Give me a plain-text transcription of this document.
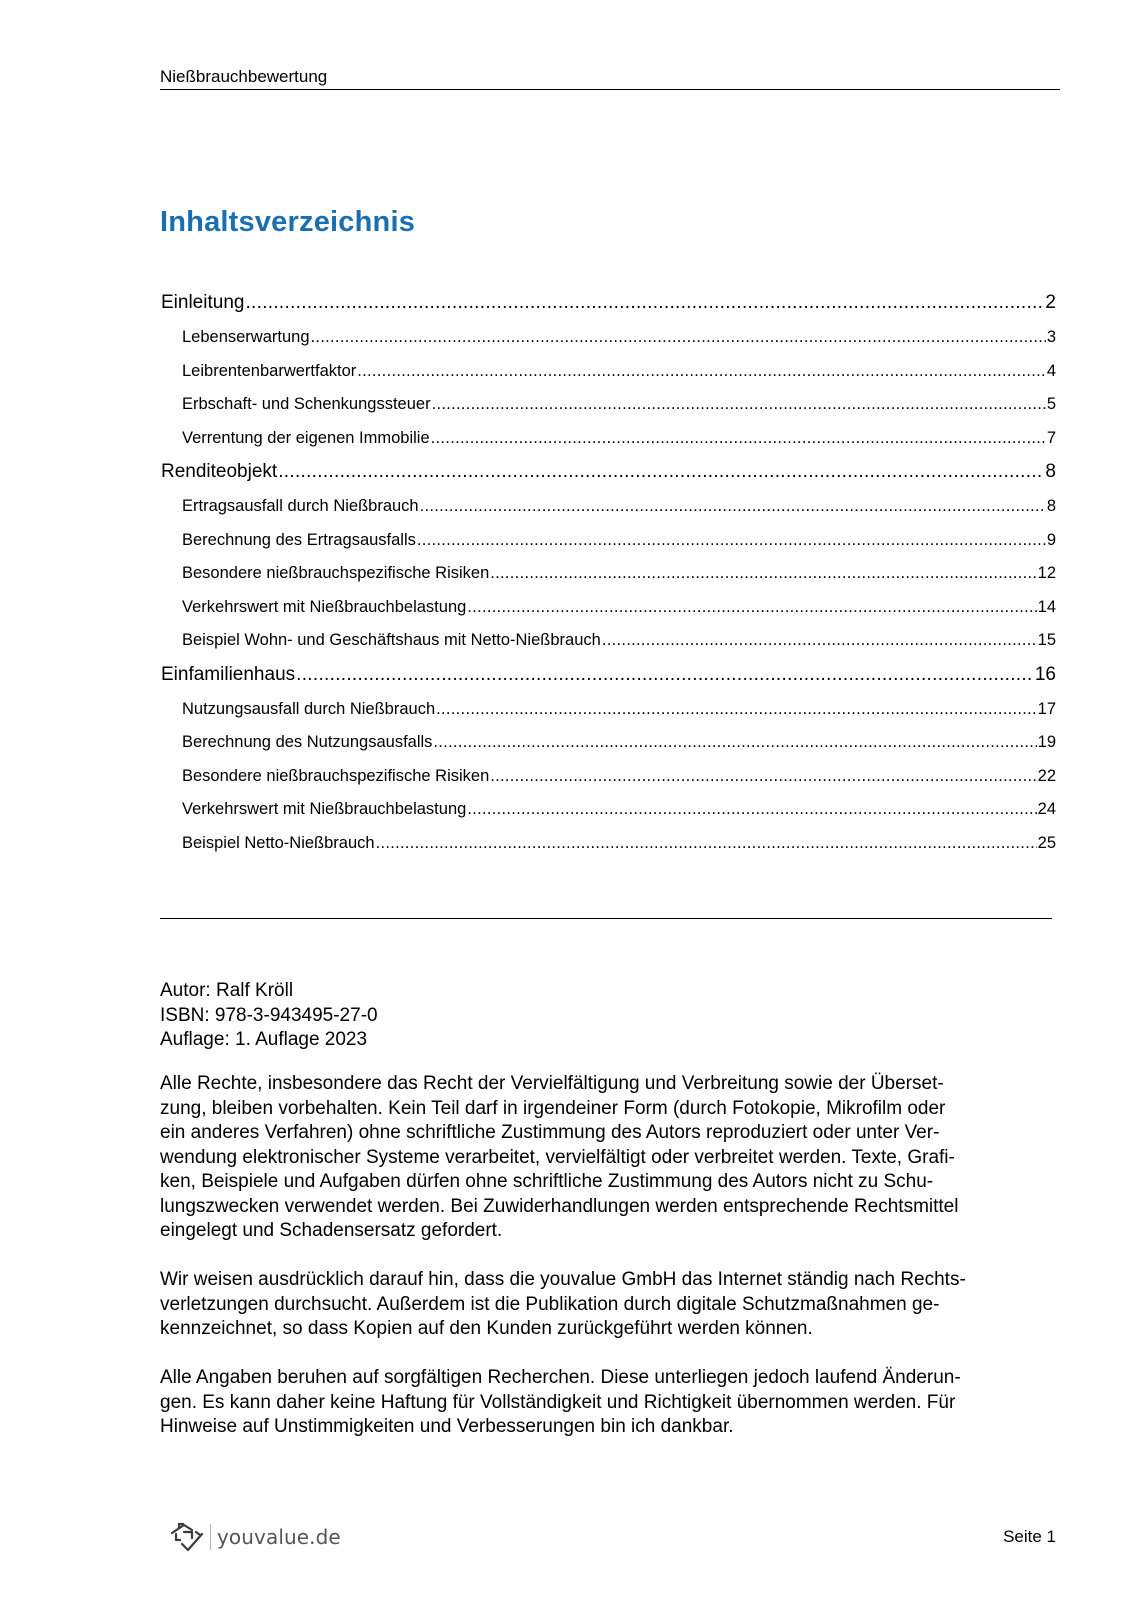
Nießbrauchbewertung
Inhaltsverzeichnis
Einleitung .....	2
Lebenserwartung .....	3
Leibrentenbarwertfaktor .....	4
Erbschaft- und Schenkungssteuer .....	5
Verrentung der eigenen Immobilie .....	7
Renditeobjekt .....	8
Ertragsausfall durch Nießbrauch .....	8
Berechnung des Ertragsausfalls .....	9
Besondere nießbrauchspezifische Risiken .....	12
Verkehrswert mit Nießbrauchbelastung .....	14
Beispiel Wohn- und Geschäftshaus mit Netto-Nießbrauch .....	15
Einfamilienhaus .....	16
Nutzungsausfall durch Nießbrauch .....	17
Berechnung des Nutzungsausfalls .....	19
Besondere nießbrauchspezifische Risiken .....	22
Verkehrswert mit Nießbrauchbelastung .....	24
Beispiel Netto-Nießbrauch .....	25

Autor: Ralf Kröll

ISBN: 978-3-943495-27-0

Auflage: 1. Auflage 2023

Alle Rechte, insbesondere das Recht der Vervielfältigung und Verbreitung sowie der Überset-
zung, bleiben vorbehalten. Kein Teil darf in irgendeiner Form (durch Fotokopie, Mikrofilm oder
ein anderes Verfahren) ohne schriftliche Zustimmung des Autors reproduziert oder unter Ver-
wendung elektronischer Systeme verarbeitet, vervielfältigt oder verbreitet werden. Texte, Grafi-
ken, Beispiele und Aufgaben dürfen ohne schriftliche Zustimmung des Autors nicht zu Schu-
lungszwecken verwendet werden. Bei Zuwiderhandlungen werden entsprechende Rechtsmittel
eingelegt und Schadensersatz gefordert.

Wir weisen ausdrücklich darauf hin, dass die youvalue GmbH das Internet ständig nach Rechts-
verletzungen durchsucht. Außerdem ist die Publikation durch digitale Schutzmaßnahmen ge-
kennzeichnet, so dass Kopien auf den Kunden zurückgeführt werden können.

Alle Angaben beruhen auf sorgfältigen Recherchen. Diese unterliegen jedoch laufend Änderun-
gen. Es kann daher keine Haftung für Vollständigkeit und Richtigkeit übernommen werden. Für
Hinweise auf Unstimmigkeiten und Verbesserungen bin ich dankbar.

youvalue.de	Seite 1
